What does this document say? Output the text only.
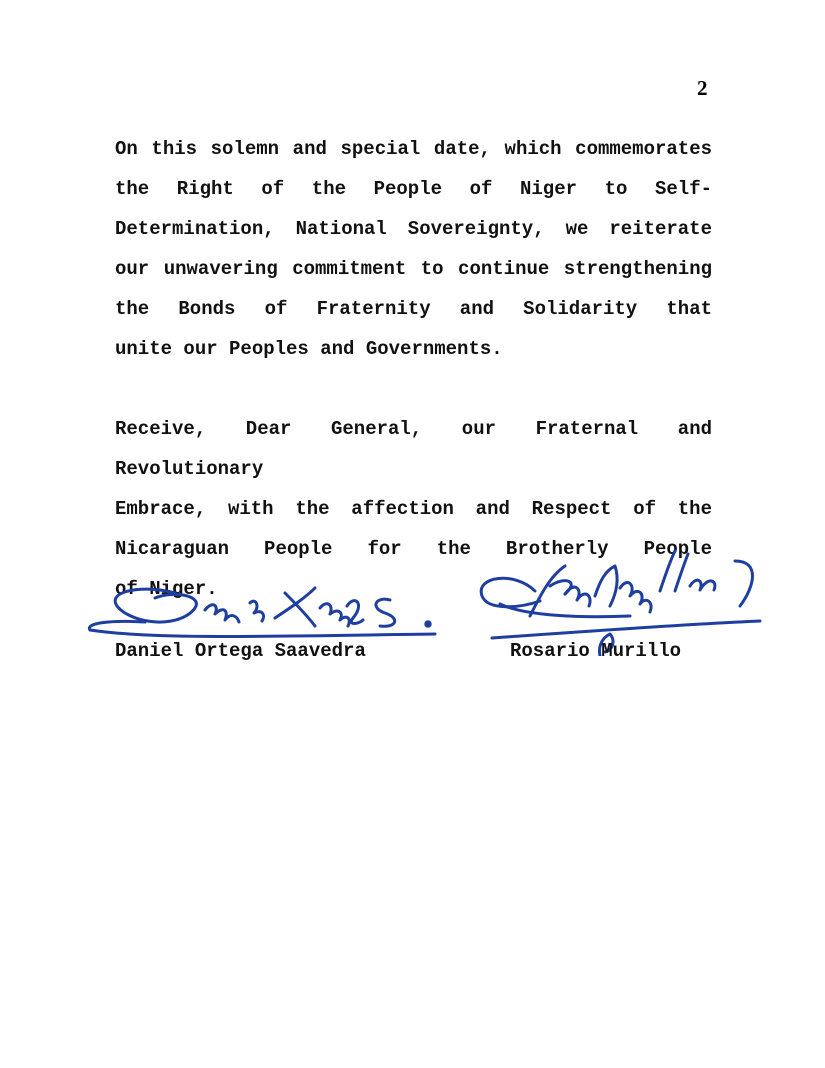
2
On this solemn and special date, which commemorates
the Right of the People of Niger to Self-
Determination, National Sovereignty, we reiterate
our unwavering commitment to continue strengthening
the Bonds of Fraternity and Solidarity that
unite our Peoples and Governments.
Receive, Dear General, our Fraternal and Revolutionary
Embrace, with the affection and Respect of the
Nicaraguan People for the Brotherly People
of Niger.
Daniel Ortega Saavedra	Rosario Murillo
